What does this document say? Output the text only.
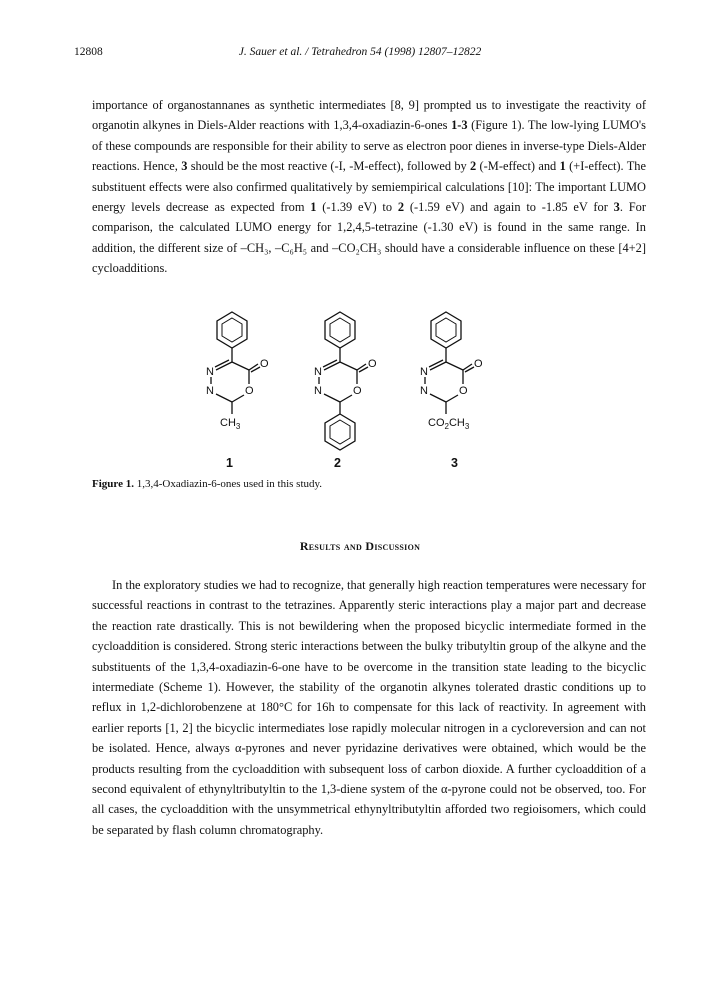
12808	J. Sauer et al. / Tetrahedron 54 (1998) 12807–12822

importance of organostannanes as synthetic intermediates [8, 9] prompted us to investigate the reactivity of organotin alkynes in Diels-Alder reactions with 1,3,4-oxadiazin-6-ones 1-3 (Figure 1). The low-lying LUMO's of these compounds are responsible for their ability to serve as electron poor dienes in inverse-type Diels-Alder reactions. Hence, 3 should be the most reactive (-I, -M-effect), followed by 2 (-M-effect) and 1 (+I-effect). The substituent effects were also confirmed qualitatively by semiempirical calculations [10]: The important LUMO energy levels decrease as expected from 1 (-1.39 eV) to 2 (-1.59 eV) and again to -1.85 eV for 3. For comparison, the calculated LUMO energy for 1,2,4,5-tetrazine (-1.30 eV) is found in the same range. In addition, the different size of –CH₃, –C₆H₅ and –CO₂CH₃ should have a considerable influence on these [4+2] cycloadditions.

N
N	O
O
$CH_3$
N
N	O
O
N
N	O
O
$CO_2CH_3$
1	2	3
Figure 1. 1,3,4-Oxadiazin-6-ones used in this study.
Results and Discussion

In the exploratory studies we had to recognize, that generally high reaction temperatures were necessary for successful reactions in contrast to the tetrazines. Apparently steric interactions play a major part and decrease the reaction rate drastically. This is not bewildering when the proposed bicyclic intermediate formed in the cycloaddition is considered. Strong steric interactions between the bulky tributyltin group of the alkyne and the substituents of the 1,3,4-oxadiazin-6-one have to be overcome in the transition state leading to the bicyclic intermediate (Scheme 1). However, the stability of the organotin alkynes tolerated drastic conditions up to reflux in 1,2-dichlorobenzene at 180°C for 16h to compensate for this lack of reactivity. In agreement with earlier reports [1, 2] the bicyclic intermediates lose rapidly molecular nitrogen in a cycloreversion and can not be isolated. Hence, always α-pyrones and never pyridazine derivatives were obtained, which would be the products resulting from the cycloaddition with subsequent loss of carbon dioxide. A further cycloaddition of a second equivalent of ethynyltributyltin to the 1,3-diene system of the α-pyrone could not be observed, too. For all cases, the cycloaddition with the unsymmetrical ethynyltributyltin afforded two regioisomers, which could be separated by flash column chromatography.
